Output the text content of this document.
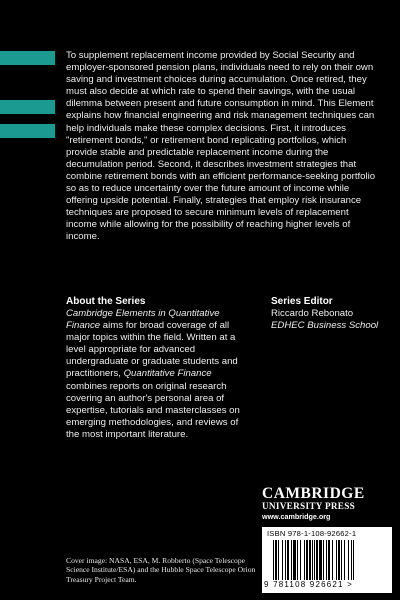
To supplement replacement income provided by Social Security and employer-sponsored pension plans, individuals need to rely on their own saving and investment choices during accumulation. Once retired, they must also decide at which rate to spend their savings, with the usual dilemma between present and future consumption in mind. This Element explains how financial engineering and risk management techniques can help individuals make these complex decisions. First, it introduces "retirement bonds," or retirement bond replicating portfolios, which provide stable and predictable replacement income during the decumulation period. Second, it describes investment strategies that combine retirement bonds with an efficient performance-seeking portfolio so as to reduce uncertainty over the future amount of income while offering upside potential. Finally, strategies that employ risk insurance techniques are proposed to secure minimum levels of replacement income while allowing for the possibility of reaching higher levels of income.

About the Series
Cambridge Elements in Quantitative Finance aims for broad coverage of all major topics within the field. Written at a level appropriate for advanced undergraduate or graduate students and practitioners, Quantitative Finance combines reports on original research covering an author's personal area of expertise, tutorials and masterclasses on emerging methodologies, and reviews of the most important literature.
Series Editor
Riccardo Rebonato
EDHEC Business School
CAMBRIDGE
UNIVERSITY PRESS
www.cambridge.org
ISBN 978-1-108-92662-1
9 781108 926621 >
Cover image: NASA, ESA, M. Robberto (Space Telescope Science Institute/ESA) and the Hubble Space Telescope Orion Treasury Project Team.
